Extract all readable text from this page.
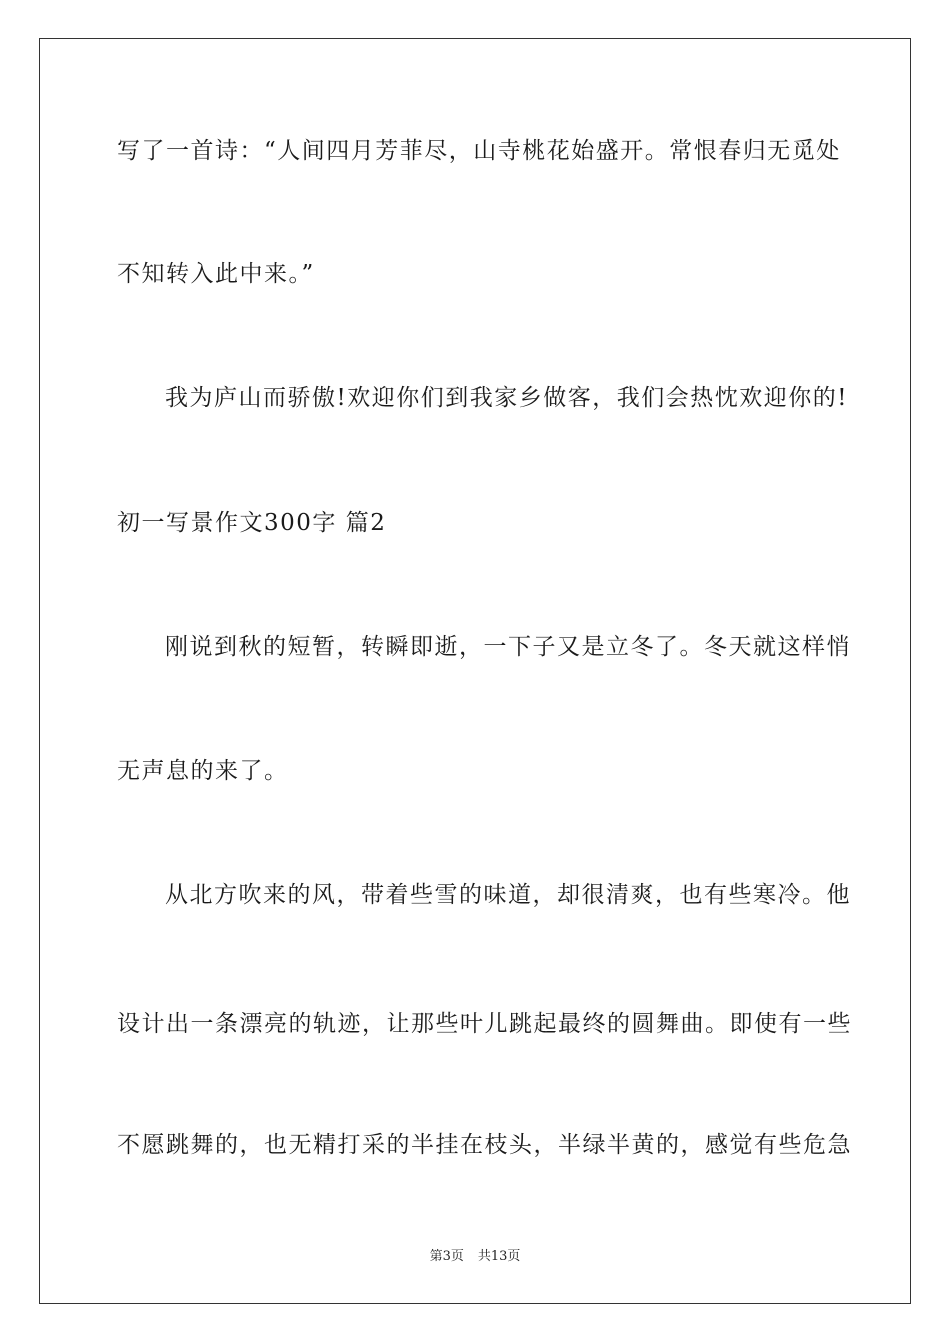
写了一首诗：“人间四月芳菲尽，山寺桃花始盛开。常恨春归无觅处
不知转入此中来。”
我为庐山而骄傲!欢迎你们到我家乡做客，我们会热忱欢迎你的!
初一写景作文300字 篇2
刚说到秋的短暂，转瞬即逝，一下子又是立冬了。冬天就这样悄
无声息的来了。
从北方吹来的风，带着些雪的味道，却很清爽，也有些寒冷。他
设计出一条漂亮的轨迹，让那些叶儿跳起最终的圆舞曲。即使有一些
不愿跳舞的，也无精打采的半挂在枝头，半绿半黄的，感觉有些危急
第3页 共13页
